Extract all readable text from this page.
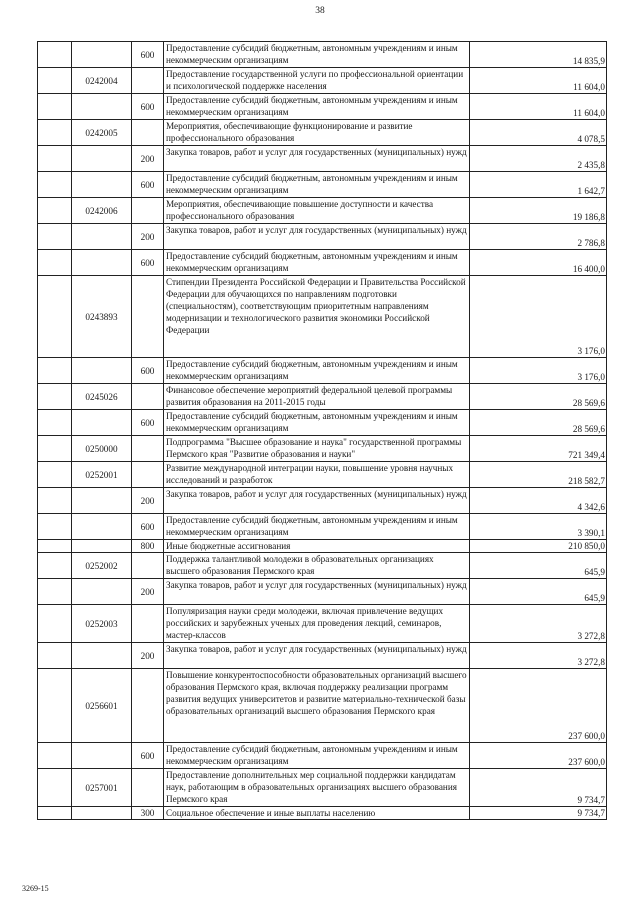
38
		600	Предоставление субсидий бюджетным, автономным учреждениям и иным некоммерческим организациям	14 835,9
	0242004		Предоставление государственной услуги по профессиональной ориентации и психологической поддержке населения	11 604,0
		600	Предоставление субсидий бюджетным, автономным учреждениям и иным некоммерческим организациям	11 604,0
	0242005		Мероприятия, обеспечивающие функционирование и развитие профессионального образования	4 078,5
		200	Закупка товаров, работ и услуг для государственных (муниципальных) нужд	2 435,8
		600	Предоставление субсидий бюджетным, автономным учреждениям и иным некоммерческим организациям	1 642,7
	0242006		Мероприятия, обеспечивающие повышение доступности и качества профессионального образования	19 186,8
		200	Закупка товаров, работ и услуг для государственных (муниципальных) нужд	2 786,8
		600	Предоставление субсидий бюджетным, автономным учреждениям и иным некоммерческим организациям	16 400,0
	0243893		Стипендии Президента Российской Федерации и Правительства Российской Федерации для обучающихся по направлениям подготовки (специальностям), соответствующим приоритетным направлениям модернизации и технологического развития экономики Российской Федерации	3 176,0
		600	Предоставление субсидий бюджетным, автономным учреждениям и иным некоммерческим организациям	3 176,0
	0245026		Финансовое обеспечение мероприятий федеральной целевой программы развития образования на 2011-2015 годы	28 569,6
		600	Предоставление субсидий бюджетным, автономным учреждениям и иным некоммерческим организациям	28 569,6
	0250000		Подпрограмма "Высшее образование и наука" государственной программы Пермского края "Развитие образования и науки"	721 349,4
	0252001		Развитие международной интеграции науки, повышение уровня научных исследований и разработок	218 582,7
		200	Закупка товаров, работ и услуг для государственных (муниципальных) нужд	4 342,6
		600	Предоставление субсидий бюджетным, автономным учреждениям и иным некоммерческим организациям	3 390,1
		800	Иные бюджетные ассигнования	210 850,0
	0252002		Поддержка талантливой молодежи в образовательных организациях высшего образования Пермского края	645,9
		200	Закупка товаров, работ и услуг для государственных (муниципальных) нужд	645,9
	0252003		Популяризация науки среди молодежи, включая привлечение ведущих российских и зарубежных ученых для проведения лекций, семинаров, мастер-классов	3 272,8
		200	Закупка товаров, работ и услуг для государственных (муниципальных) нужд	3 272,8
	0256601		Повышение конкурентоспособности образовательных организаций высшего образования Пермского края, включая поддержку реализации программ развития ведущих университетов и развитие материально-технической базы образовательных организаций высшего образования Пермского края	237 600,0
		600	Предоставление субсидий бюджетным, автономным учреждениям и иным некоммерческим организациям	237 600,0
	0257001		Предоставление дополнительных мер социальной поддержки кандидатам наук, работающим в образовательных организациях высшего образования Пермского края	9 734,7
		300	Социальное обеспечение и иные выплаты населению	9 734,7
3269-15
